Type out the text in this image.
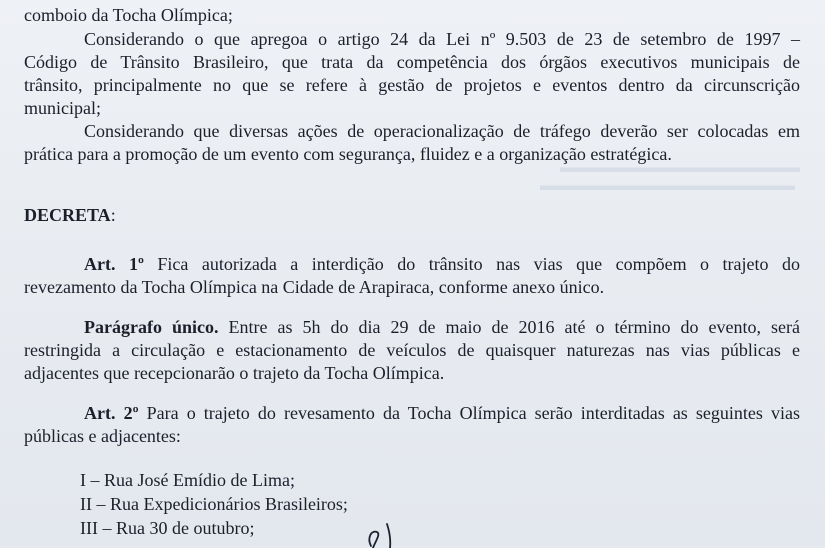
▬▬▬▬▬▬▬▬▬▬▬▬▬▬▬▬
▬▬▬▬▬▬▬▬▬▬▬▬▬▬▬▬▬
comboio da Tocha Olímpica;
Considerando o que apregoa o artigo 24 da Lei nº 9.503 de 23 de setembro de 1997 –
Código de Trânsito Brasileiro, que trata da competência dos órgãos executivos municipais de
trânsito, principalmente no que se refere à gestão de projetos e eventos dentro da circunscrição
municipal;
Considerando que diversas ações de operacionalização de tráfego deverão ser colocadas em
prática para a promoção de um evento com segurança, fluidez e a organização estratégica.
DECRETA:
Art. 1º Fica autorizada a interdição do trânsito nas vias que compõem o trajeto do
revezamento da Tocha Olímpica na Cidade de Arapiraca, conforme anexo único.
Parágrafo único. Entre as 5h do dia 29 de maio de 2016 até o término do evento, será
restringida a circulação e estacionamento de veículos de quaisquer naturezas nas vias públicas e
adjacentes que recepcionarão o trajeto da Tocha Olímpica.
Art. 2º Para o trajeto do revesamento da Tocha Olímpica serão interditadas as seguintes vias
públicas e adjacentes:
I – Rua José Emídio de Lima;
II – Rua Expedicionários Brasileiros;
III – Rua 30 de outubro;
